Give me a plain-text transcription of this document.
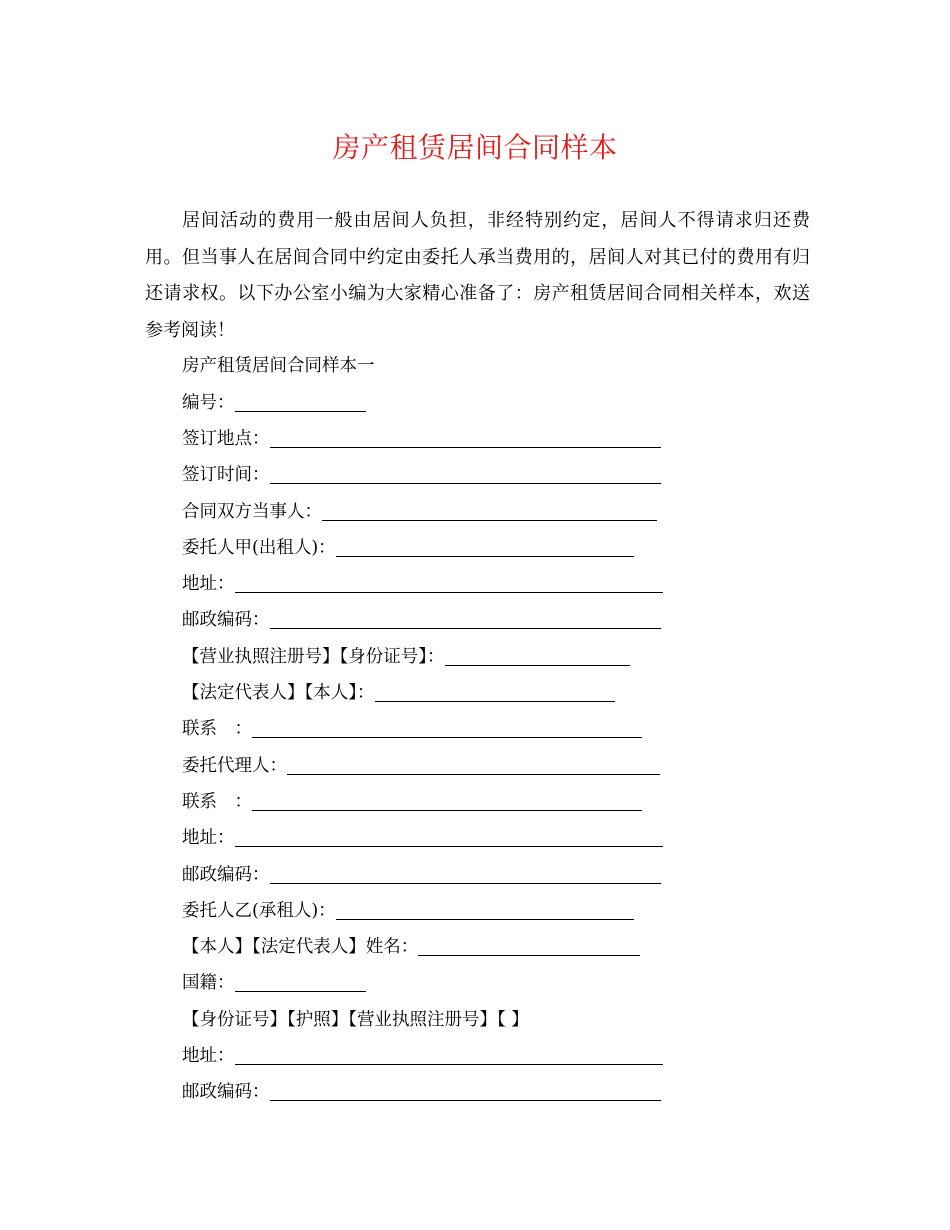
房产租赁居间合同样本

居间活动的费用一般由居间人负担，非经特别约定，居间人不得请求归还费用。但当事人在居间合同中约定由委托人承当费用的，居间人对其已付的费用有归还请求权。以下办公室小编为大家精心准备了：房产租赁居间合同相关样本，欢送参考阅读！

房产租赁居间合同样本一
编号：
签订地点：
签订时间：
合同双方当事人：
委托人甲(出租人)：
地址：
邮政编码：
【营业执照注册号】【身份证号】：
【法定代表人】【本人】：
联系　：
委托代理人：
联系　：
地址：
邮政编码：
委托人乙(承租人)：
【本人】【法定代表人】姓名：
国籍：
【身份证号】【护照】【营业执照注册号】【 】
地址：
邮政编码：
